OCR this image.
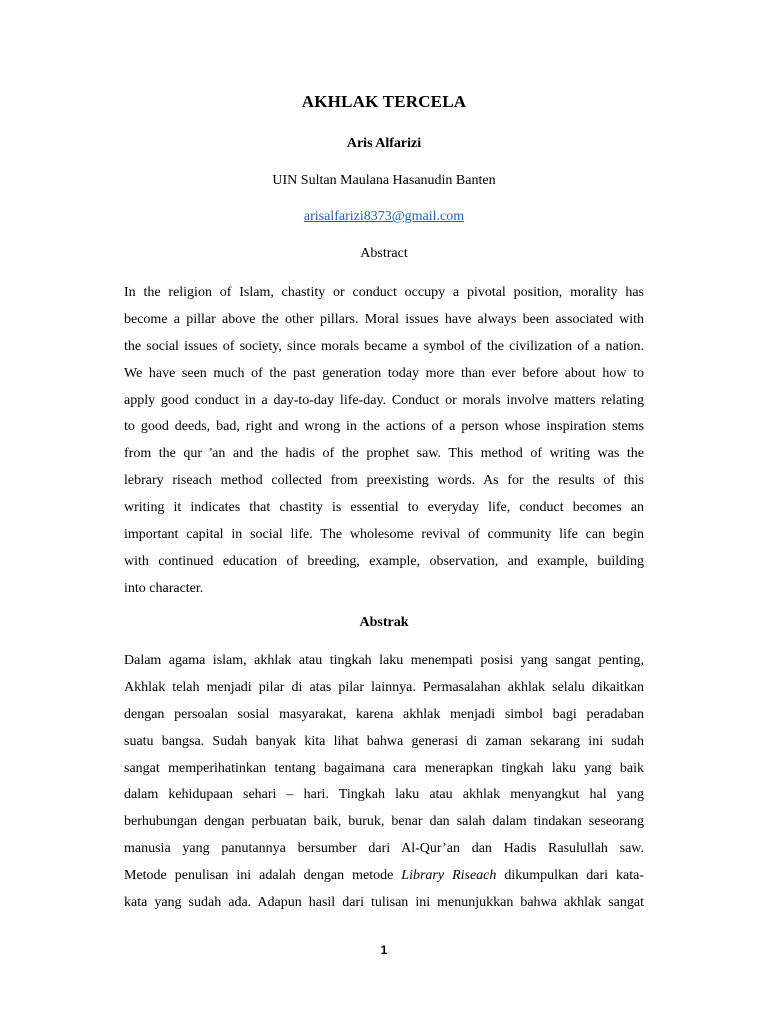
AKHLAK TERCELA
Aris Alfarizi
UIN Sultan Maulana Hasanudin Banten
arisalfarizi8373@gmail.com
Abstract
In the religion of Islam, chastity or conduct occupy a pivotal position, morality has
become a pillar above the other pillars. Moral issues have always been associated with
the social issues of society, since morals became a symbol of the civilization of a nation.
We have seen much of the past generation today more than ever before about how to
apply good conduct in a day-to-day life-day. Conduct or morals involve matters relating
to good deeds, bad, right and wrong in the actions of a person whose inspiration stems
from the qur 'an and the hadis of the prophet saw. This method of writing was the
lebrary riseach method collected from preexisting words. As for the results of this
writing it indicates that chastity is essential to everyday life, conduct becomes an
important capital in social life. The wholesome revival of community life can begin
with continued education of breeding, example, observation, and example, building
into character.
Abstrak
Dalam agama islam, akhlak atau tingkah laku menempati posisi yang sangat penting,
Akhlak telah menjadi pilar di atas pilar lainnya. Permasalahan akhlak selalu dikaitkan
dengan persoalan sosial masyarakat, karena akhlak menjadi simbol bagi peradaban
suatu bangsa. Sudah banyak kita lihat bahwa generasi di zaman sekarang ini sudah
sangat memperihatinkan tentang bagaimana cara menerapkan tingkah laku yang baik
dalam kehidupaan sehari – hari. Tingkah laku atau akhlak menyangkut hal yang
berhubungan dengan perbuatan baik, buruk, benar dan salah dalam tindakan seseorang
manusia yang panutannya bersumber dari Al-Qur’an dan Hadis Rasulullah saw.
Metode penulisan ini adalah dengan metode Library Riseach dikumpulkan dari kata-
kata yang sudah ada. Adapun hasil dari tulisan ini menunjukkan bahwa akhlak sangat
1
